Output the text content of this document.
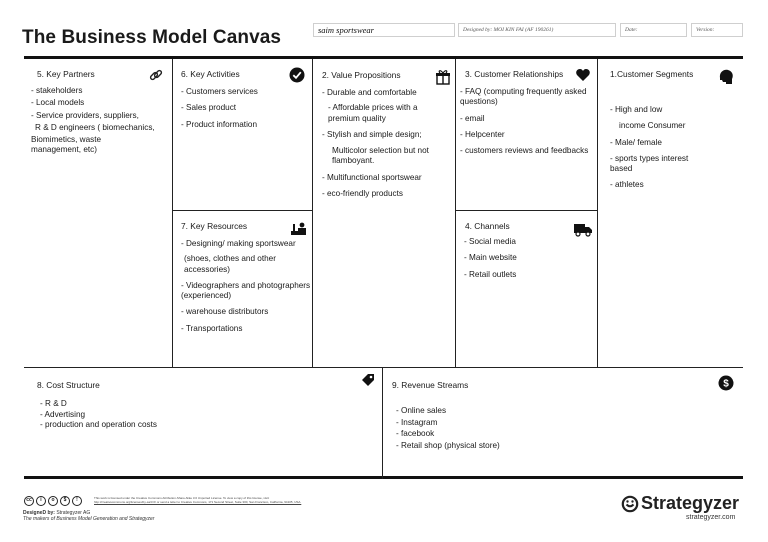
The Business Model Canvas	saim sportswear	Designed by: MOI KIN FAI (AF 190261)	Date:	Version:
5. Key Partners

- stakeholders

- Local models

- Service providers, suppliers,

R & D engineers ( biomechanics,

Biomimetics, waste management, etc)

6. Key Activities

- Customers services

- Sales product

- Product information

7. Key Resources

- Designing/ making sportswear

(shoes, clothes and other accessories)

- Videographers and photographers (experienced)

- warehouse distributors

- Transportations

2. Value Propositions

- Durable and comfortable

- Affordable prices with a premium quality

- Stylish and simple design;

Multicolor selection but not flamboyant.

- Multifunctional sportswear

- eco-friendly products

3. Customer Relationships

- FAQ (computing frequently asked questions)

- email

- Helpcenter

- customers reviews and feedbacks

4. Channels

- Social media

- Main website

- Retail outlets

1.Customer Segments

- High and low

income Consumer

- Male/ female

- sports types interest based

- athletes

8. Cost Structure

- R & D

- Advertising

- production and operation costs

9. Revenue Streams	$

- Online sales

- Instagram

- facebook

- Retail shop (physical store)

cc	i	o	$	!	This work is licensed under the Creative Commons Attribution-Share Alike 3.0 Unported License. To view a copy of this license, visit:
http://creativecommons.org/licenses/by-sa/3.0/ or send a letter to Creative Commons, 171 Second Street, Suite 300, San Francisco, California, 94105, USA.
DesigneD by: Strategyzer AG
The makers of Business Model Generation and Strategyzer
Strategyzer
strategyzer.com
